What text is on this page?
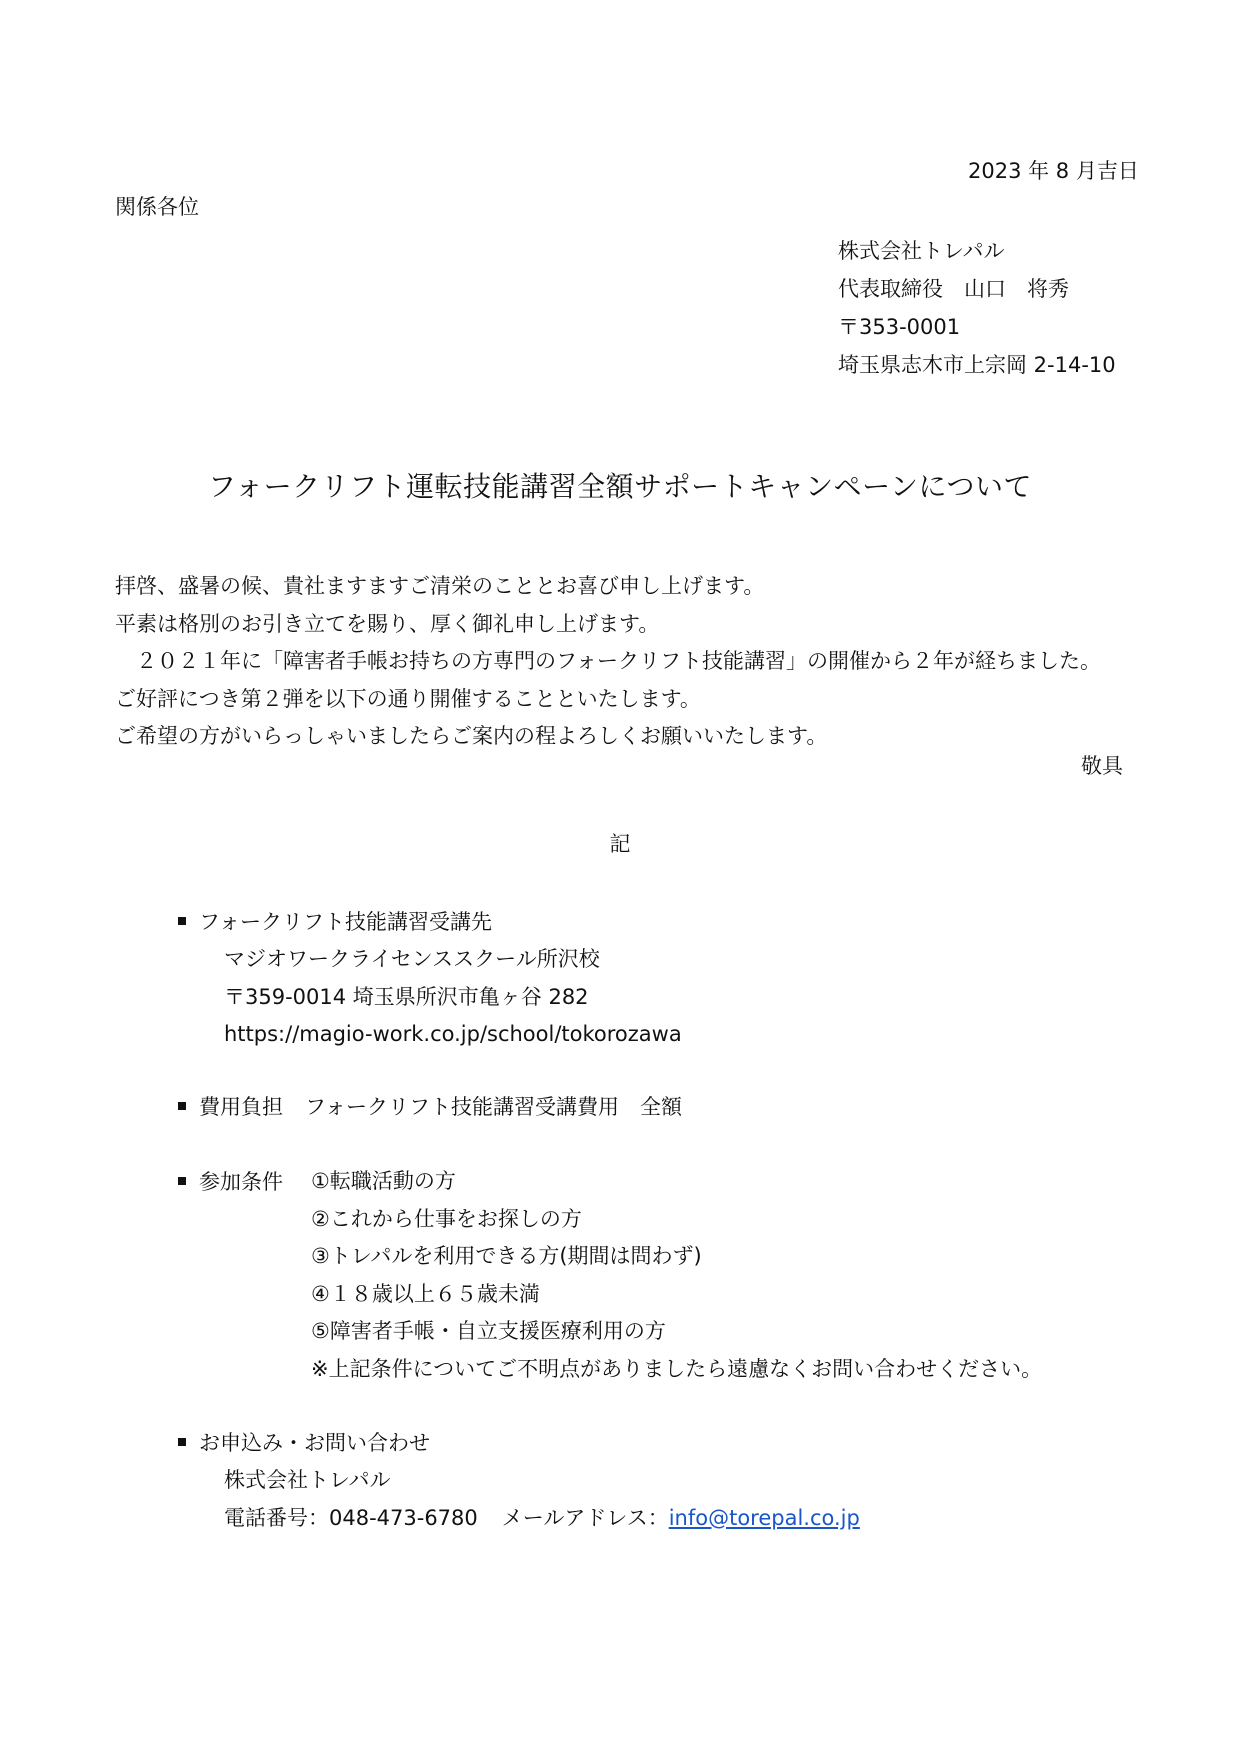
2023 年 8 月吉日
関係各位
株式会社トレパル
代表取締役　山口　将秀
〒353-0001
埼玉県志木市上宗岡 2-14-10
フォークリフト運転技能講習全額サポートキャンペーンについて
拝啓、盛暑の候、貴社ますますご清栄のこととお喜び申し上げます。
平素は格別のお引き立てを賜り、厚く御礼申し上げます。
　２０２１年に「障害者手帳お持ちの方専門のフォークリフト技能講習」の開催から２年が経ちました。
ご好評につき第２弾を以下の通り開催することといたします。
ご希望の方がいらっしゃいましたらご案内の程よろしくお願いいたします。
敬具
記
フォークリフト技能講習受講先
マジオワークライセンススクール所沢校
〒359-0014 埼玉県所沢市亀ヶ谷 282
https://magio-work.co.jp/school/tokorozawa
費用負担 フォークリフト技能講習受講費用　全額
参加条件 ①転職活動の方
②これから仕事をお探しの方
③トレパルを利用できる方(期間は問わず)
④１８歳以上６５歳未満
⑤障害者手帳・自立支援医療利用の方
※上記条件についてご不明点がありましたら遠慮なくお問い合わせください。
お申込み・お問い合わせ
株式会社トレパル
電話番号：048-473-6780 メールアドレス：info@torepal.co.jp
